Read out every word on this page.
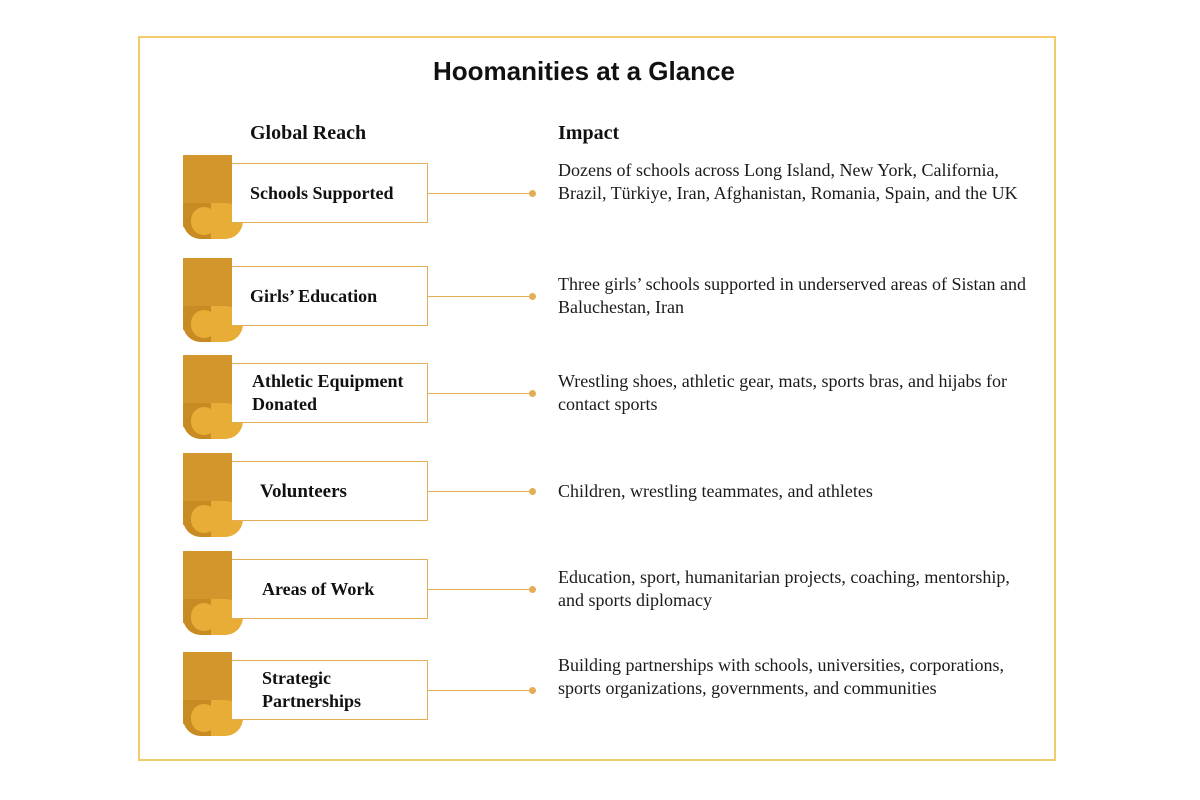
Hoomanities at a Glance
Global Reach	Impact
Schools Supported
Dozens of schools across Long Island, New York, California, Brazil, Türkiye, Iran, Afghanistan, Romania, Spain, and the UK
Girls’ Education
Three girls’ schools supported in underserved areas of Sistan and Baluchestan, Iran
Athletic Equipment
Donated
Wrestling shoes, athletic gear, mats, sports bras, and hijabs for contact sports
Volunteers	Children, wrestling teammates, and athletes
Areas of Work
Education, sport, humanitarian projects, coaching, mentorship, and sports diplomacy
Strategic
Partnerships
Building partnerships with schools, universities, corporations, sports organizations, governments, and communities
